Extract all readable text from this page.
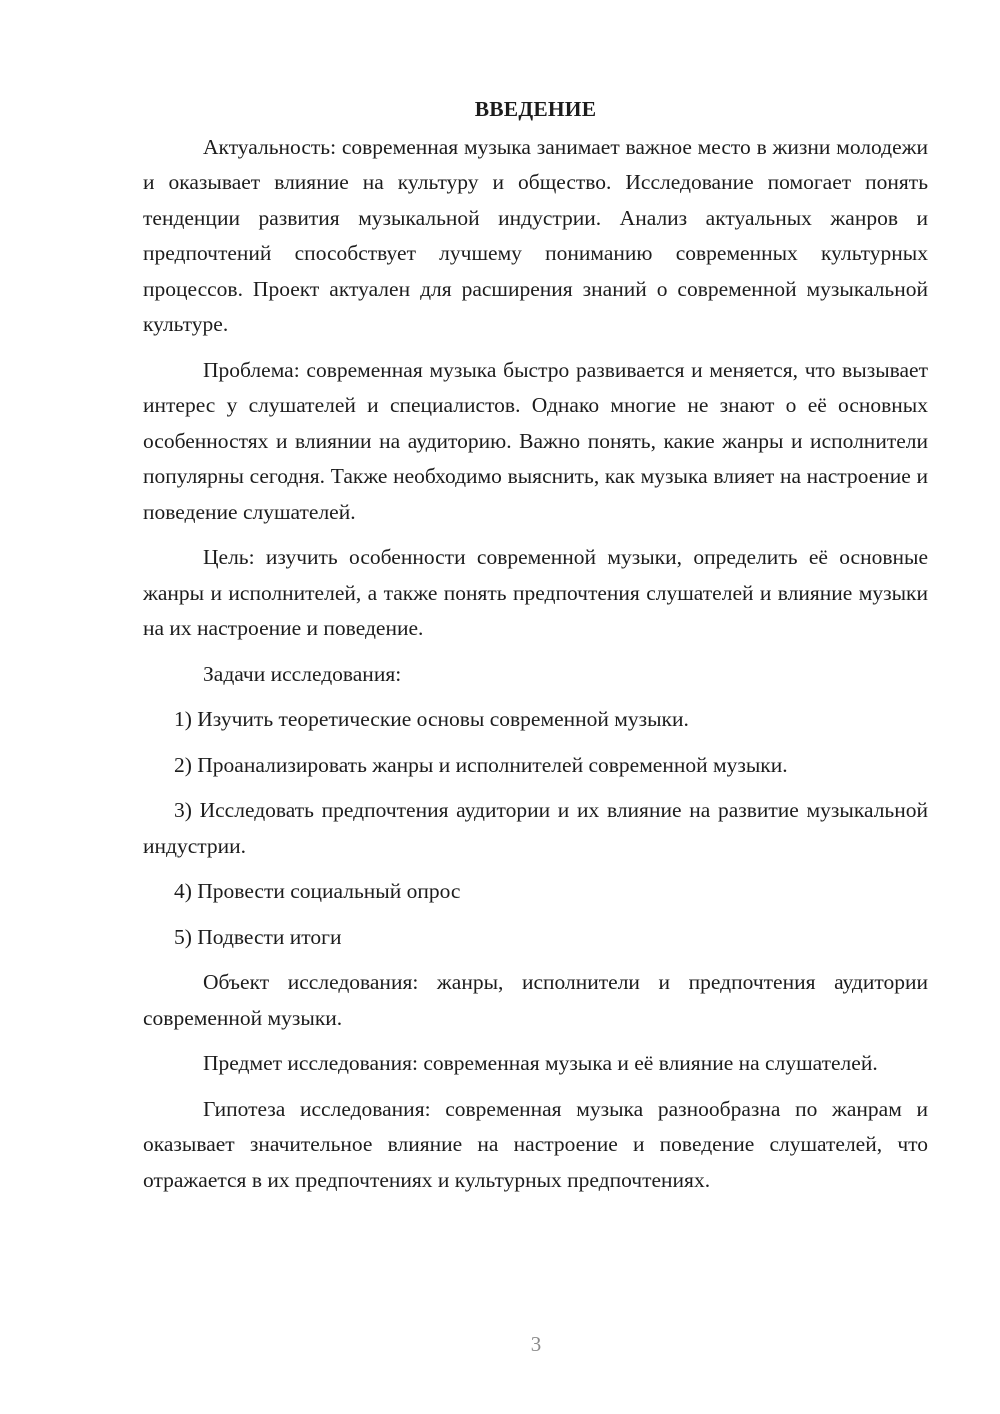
ВВЕДЕНИЕ

Актуальность: современная музыка занимает важное место в жизни молодежи и оказывает влияние на культуру и общество. Исследование помогает понять тенденции развития музыкальной индустрии. Анализ актуальных жанров и предпочтений способствует лучшему пониманию современных культурных процессов. Проект актуален для расширения знаний о современной музыкальной культуре.

Проблема: современная музыка быстро развивается и меняется, что вызывает интерес у слушателей и специалистов. Однако многие не знают о её основных особенностях и влиянии на аудиторию. Важно понять, какие жанры и исполнители популярны сегодня. Также необходимо выяснить, как музыка влияет на настроение и поведение слушателей.

Цель: изучить особенности современной музыки, определить её основные жанры и исполнителей, а также понять предпочтения слушателей и влияние музыки на их настроение и поведение.

Задачи исследования:

1) Изучить теоретические основы современной музыки.

2) Проанализировать жанры и исполнителей современной музыки.

3) Исследовать предпочтения аудитории и их влияние на развитие музыкальной индустрии.

4) Провести социальный опрос

5) Подвести итоги

Объект исследования: жанры, исполнители и предпочтения аудитории современной музыки.

Предмет исследования: современная музыка и её влияние на слушателей.

Гипотеза исследования: современная музыка разнообразна по жанрам и оказывает значительное влияние на настроение и поведение слушателей, что отражается в их предпочтениях и культурных предпочтениях.

3
